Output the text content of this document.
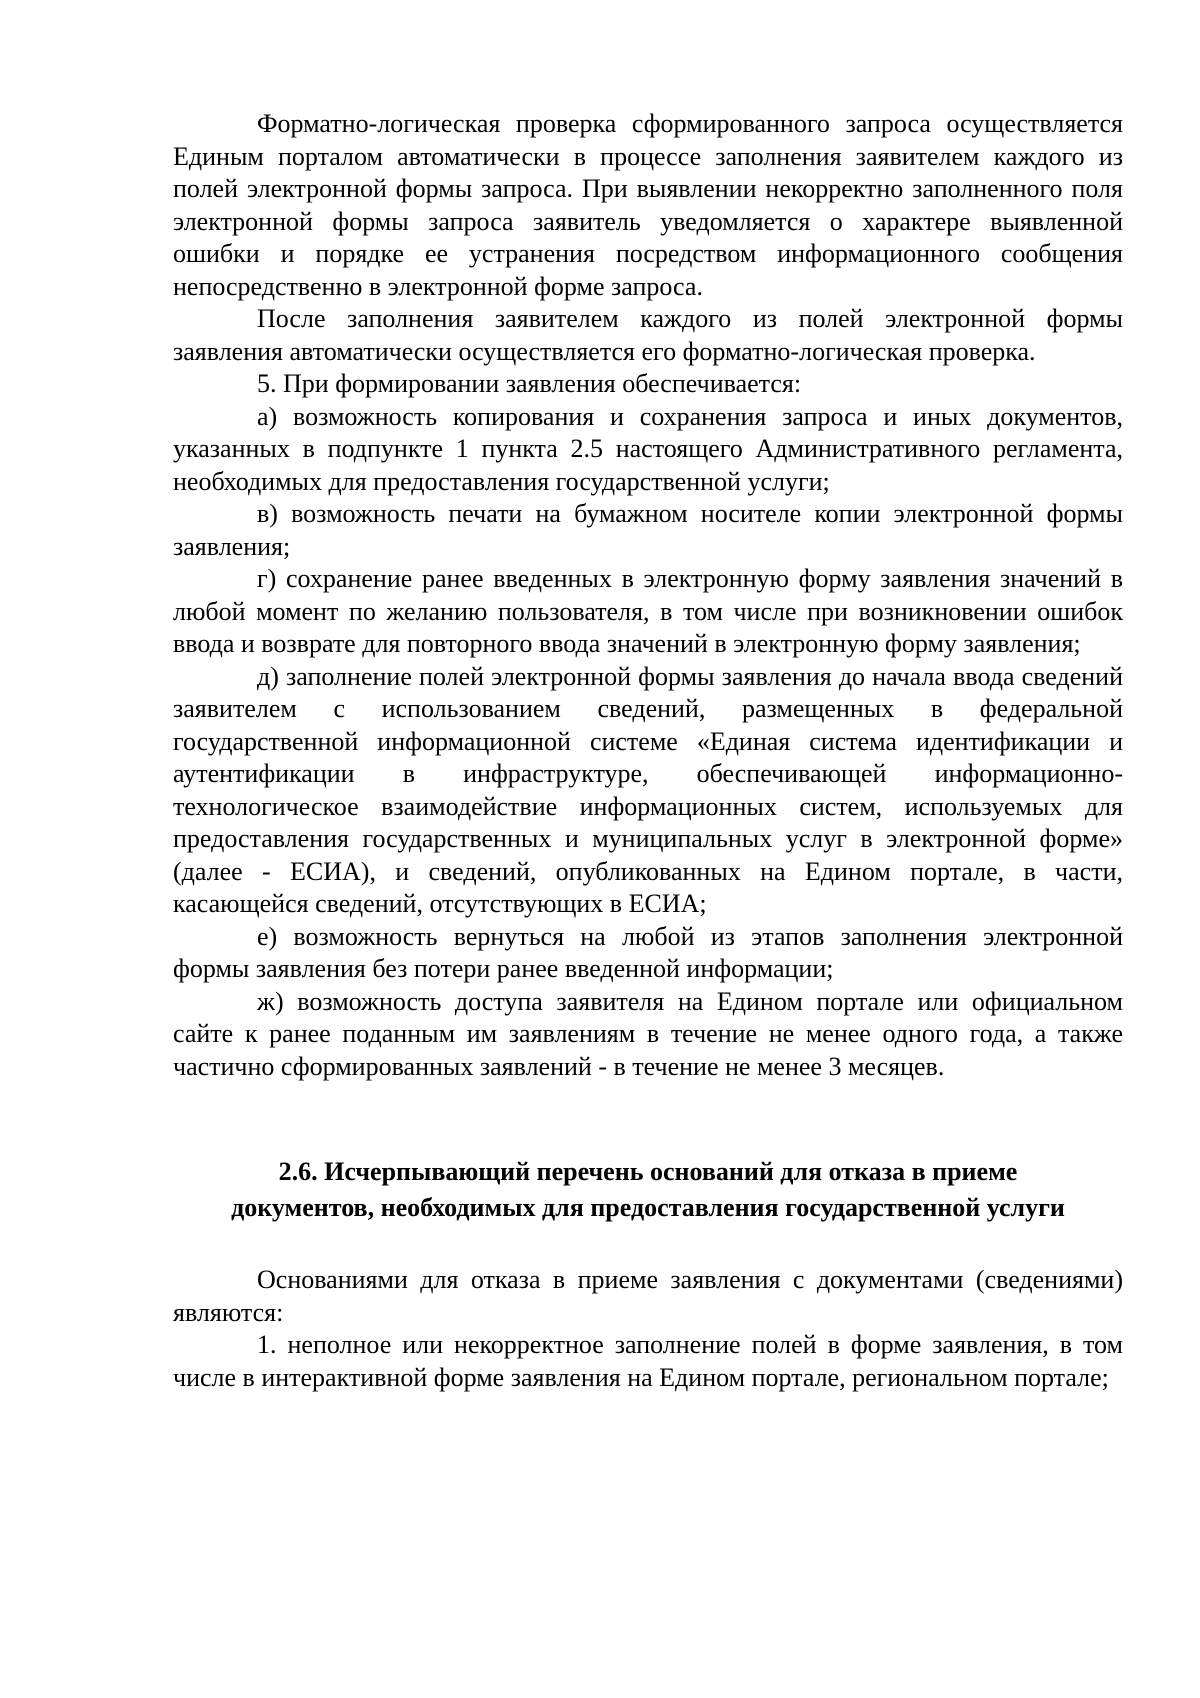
Форматно-логическая проверка сформированного запроса осуществляется Единым порталом автоматически в процессе заполнения заявителем каждого из полей электронной формы запроса. При выявлении некорректно заполненного поля электронной формы запроса заявитель уведомляется о характере выявленной ошибки и порядке ее устранения посредством информационного сообщения непосредственно в электронной форме запроса.

После заполнения заявителем каждого из полей электронной формы заявления автоматически осуществляется его форматно-логическая проверка.

5. При формировании заявления обеспечивается:

а) возможность копирования и сохранения запроса и иных документов, указанных в подпункте 1 пункта 2.5 настоящего Административного регламента, необходимых для предоставления государственной услуги;

в) возможность печати на бумажном носителе копии электронной формы заявления;

г) сохранение ранее введенных в электронную форму заявления значений в любой момент по желанию пользователя, в том числе при возникновении ошибок ввода и возврате для повторного ввода значений в электронную форму заявления;

д) заполнение полей электронной формы заявления до начала ввода сведений заявителем с использованием сведений, размещенных в федеральной государственной информационной системе «Единая система идентификации и аутентификации в инфраструктуре, обеспечивающей информационно-технологическое взаимодействие информационных систем, используемых для предоставления государственных и муниципальных услуг в электронной форме» (далее - ЕСИА), и сведений, опубликованных на Едином портале, в части, касающейся сведений, отсутствующих в ЕСИА;

е) возможность вернуться на любой из этапов заполнения электронной формы заявления без потери ранее введенной информации;

ж) возможность доступа заявителя на Едином портале или официальном сайте к ранее поданным им заявлениям в течение не менее одного года, а также частично сформированных заявлений - в течение не менее 3 месяцев.

2.6. Исчерпывающий перечень оснований для отказа в приеме документов, необходимых для предоставления государственной услуги

Основаниями для отказа в приеме заявления с документами (сведениями) являются:

1. неполное или некорректное заполнение полей в форме заявления, в том числе в интерактивной форме заявления на Едином портале, региональном портале;
